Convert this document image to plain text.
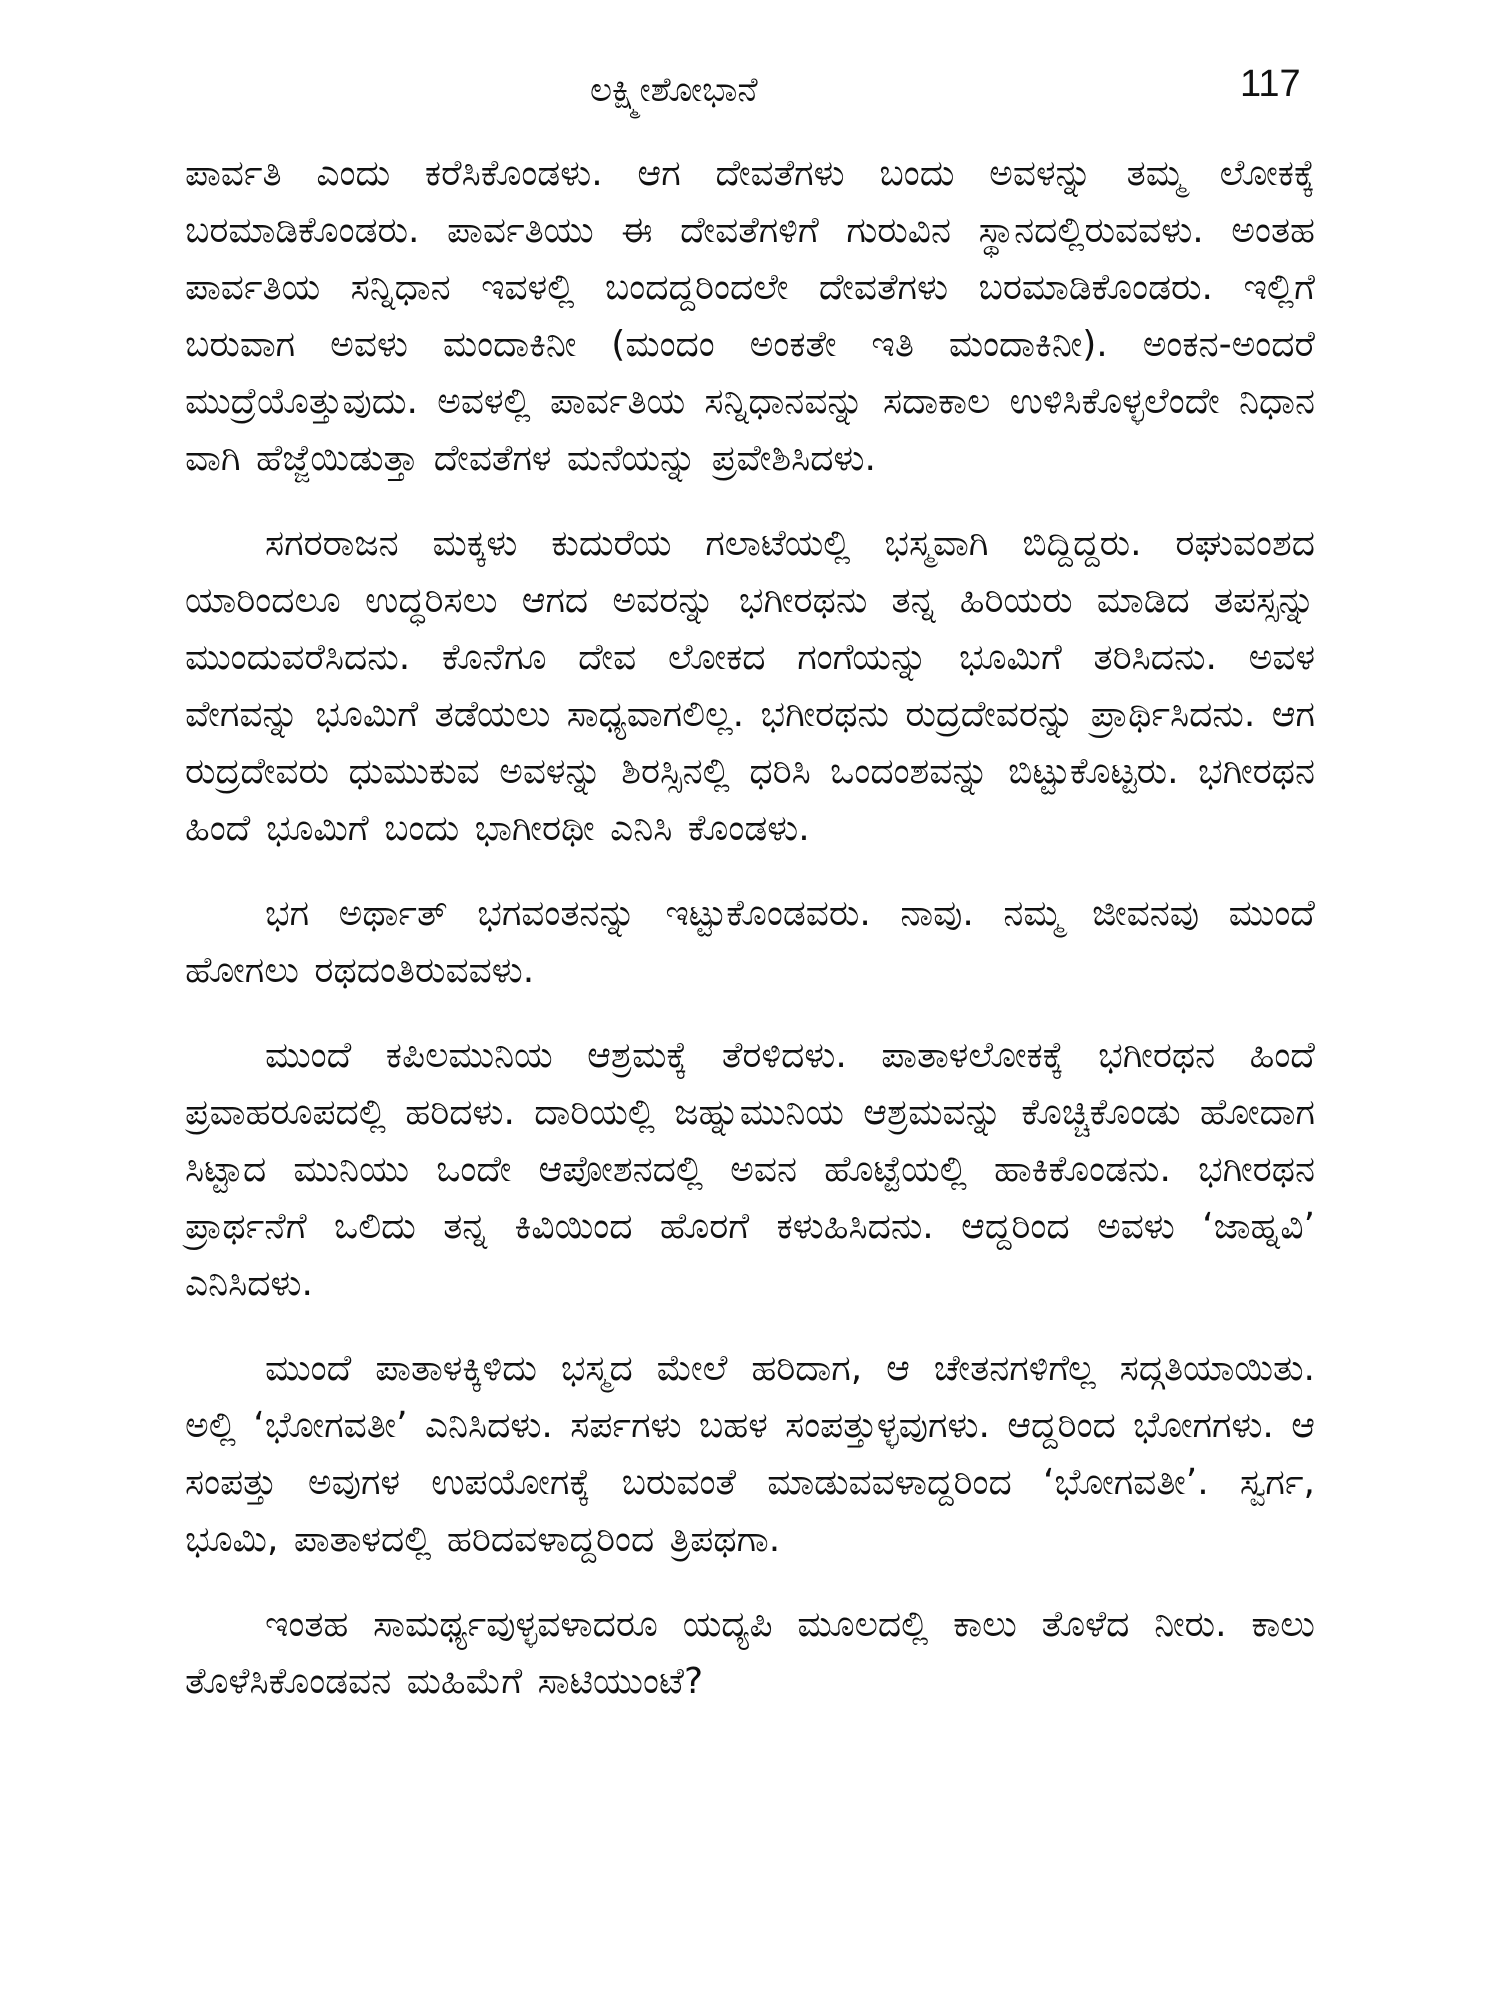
ಲಕ್ಷ್ಮೀಶೋಭಾನೆ	117

ಪಾರ್ವತಿ ಎಂದು ಕರೆಸಿಕೊಂಡಳು. ಆಗ ದೇವತೆಗಳು ಬಂದು ಅವಳನ್ನು ತಮ್ಮ ಲೋಕಕ್ಕೆ ಬರಮಾಡಿಕೊಂಡರು. ಪಾರ್ವತಿಯು ಈ ದೇವತೆಗಳಿಗೆ ಗುರುವಿನ ಸ್ಥಾನದಲ್ಲಿರುವವಳು. ಅಂತಹ ಪಾರ್ವತಿಯ ಸನ್ನಿಧಾನ ಇವಳಲ್ಲಿ ಬಂದದ್ದರಿಂದಲೇ ದೇವತೆಗಳು ಬರಮಾಡಿಕೊಂಡರು. ಇಲ್ಲಿಗೆ ಬರುವಾಗ ಅವಳು ಮಂದಾಕಿನೀ (ಮಂದಂ ಅಂಕತೇ ಇತಿ ಮಂದಾಕಿನೀ). ಅಂಕನ-ಅಂದರೆ ಮುದ್ರೆಯೊತ್ತುವುದು. ಅವಳಲ್ಲಿ ಪಾರ್ವತಿಯ ಸನ್ನಿಧಾನವನ್ನು ಸದಾಕಾಲ ಉಳಿಸಿಕೊಳ್ಳಲೆಂದೇ ನಿಧಾನ ವಾಗಿ ಹೆಜ್ಜೆಯಿಡುತ್ತಾ ದೇವತೆಗಳ ಮನೆಯನ್ನು ಪ್ರವೇಶಿಸಿದಳು.

ಸಗರರಾಜನ ಮಕ್ಕಳು ಕುದುರೆಯ ಗಲಾಟೆಯಲ್ಲಿ ಭಸ್ಮವಾಗಿ ಬಿದ್ದಿದ್ದರು. ರಘುವಂಶದ ಯಾರಿಂದಲೂ ಉದ್ಧರಿಸಲು ಆಗದ ಅವರನ್ನು ಭಗೀರಥನು ತನ್ನ ಹಿರಿಯರು ಮಾಡಿದ ತಪಸ್ಸನ್ನು ಮುಂದುವರೆಸಿದನು. ಕೊನೆಗೂ ದೇವ ಲೋಕದ ಗಂಗೆಯನ್ನು ಭೂಮಿಗೆ ತರಿಸಿದನು. ಅವಳ ವೇಗವನ್ನು ಭೂಮಿಗೆ ತಡೆಯಲು ಸಾಧ್ಯವಾಗಲಿಲ್ಲ. ಭಗೀರಥನು ರುದ್ರದೇವರನ್ನು ಪ್ರಾರ್ಥಿಸಿದನು. ಆಗ ರುದ್ರದೇವರು ಧುಮುಕುವ ಅವಳನ್ನು ಶಿರಸ್ಸಿನಲ್ಲಿ ಧರಿಸಿ ಒಂದಂಶವನ್ನು ಬಿಟ್ಟುಕೊಟ್ಟರು. ಭಗೀರಥನ ಹಿಂದೆ ಭೂಮಿಗೆ ಬಂದು ಭಾಗೀರಥೀ ಎನಿಸಿ ಕೊಂಡಳು.

ಭಗ ಅರ್ಥಾತ್ ಭಗವಂತನನ್ನು ಇಟ್ಟುಕೊಂಡವರು. ನಾವು. ನಮ್ಮ ಜೀವನವು ಮುಂದೆ ಹೋಗಲು ರಥದಂತಿರುವವಳು.

ಮುಂದೆ ಕಪಿಲಮುನಿಯ ಆಶ್ರಮಕ್ಕೆ ತೆರಳಿದಳು. ಪಾತಾಳಲೋಕಕ್ಕೆ ಭಗೀರಥನ ಹಿಂದೆ ಪ್ರವಾಹರೂಪದಲ್ಲಿ ಹರಿದಳು. ದಾರಿಯಲ್ಲಿ ಜಹ್ನುಮುನಿಯ ಆಶ್ರಮವನ್ನು ಕೊಚ್ಚಿಕೊಂಡು ಹೋದಾಗ ಸಿಟ್ಟಾದ ಮುನಿಯು ಒಂದೇ ಆಪೋಶನದಲ್ಲಿ ಅವನ ಹೊಟ್ಟೆಯಲ್ಲಿ ಹಾಕಿಕೊಂಡನು. ಭಗೀರಥನ ಪ್ರಾರ್ಥನೆಗೆ ಒಲಿದು ತನ್ನ ಕಿವಿಯಿಂದ ಹೊರಗೆ ಕಳುಹಿಸಿದನು. ಆದ್ದರಿಂದ ಅವಳು ‘ಜಾಹ್ನವಿ’ ಎನಿಸಿದಳು.

ಮುಂದೆ ಪಾತಾಳಕ್ಕಿಳಿದು ಭಸ್ಮದ ಮೇಲೆ ಹರಿದಾಗ, ಆ ಚೇತನಗಳಿಗೆಲ್ಲ ಸದ್ಗತಿಯಾಯಿತು. ಅಲ್ಲಿ ‘ಭೋಗವತೀ’ ಎನಿಸಿದಳು. ಸರ್ಪಗಳು ಬಹಳ ಸಂಪತ್ತುಳ್ಳವುಗಳು. ಆದ್ದರಿಂದ ಭೋಗಗಳು. ಆ ಸಂಪತ್ತು ಅವುಗಳ ಉಪಯೋಗಕ್ಕೆ ಬರುವಂತೆ ಮಾಡುವವಳಾದ್ದರಿಂದ ‘ಭೋಗವತೀ’. ಸ್ವರ್ಗ, ಭೂಮಿ, ಪಾತಾಳದಲ್ಲಿ ಹರಿದವಳಾದ್ದರಿಂದ ತ್ರಿಪಥಗಾ.

ಇಂತಹ ಸಾಮರ್ಥ್ಯವುಳ್ಳವಳಾದರೂ ಯದ್ಯಪಿ ಮೂಲದಲ್ಲಿ ಕಾಲು ತೊಳೆದ ನೀರು. ಕಾಲು ತೊಳೆಸಿಕೊಂಡವನ ಮಹಿಮೆಗೆ ಸಾಟಿಯುಂಟೆ?
